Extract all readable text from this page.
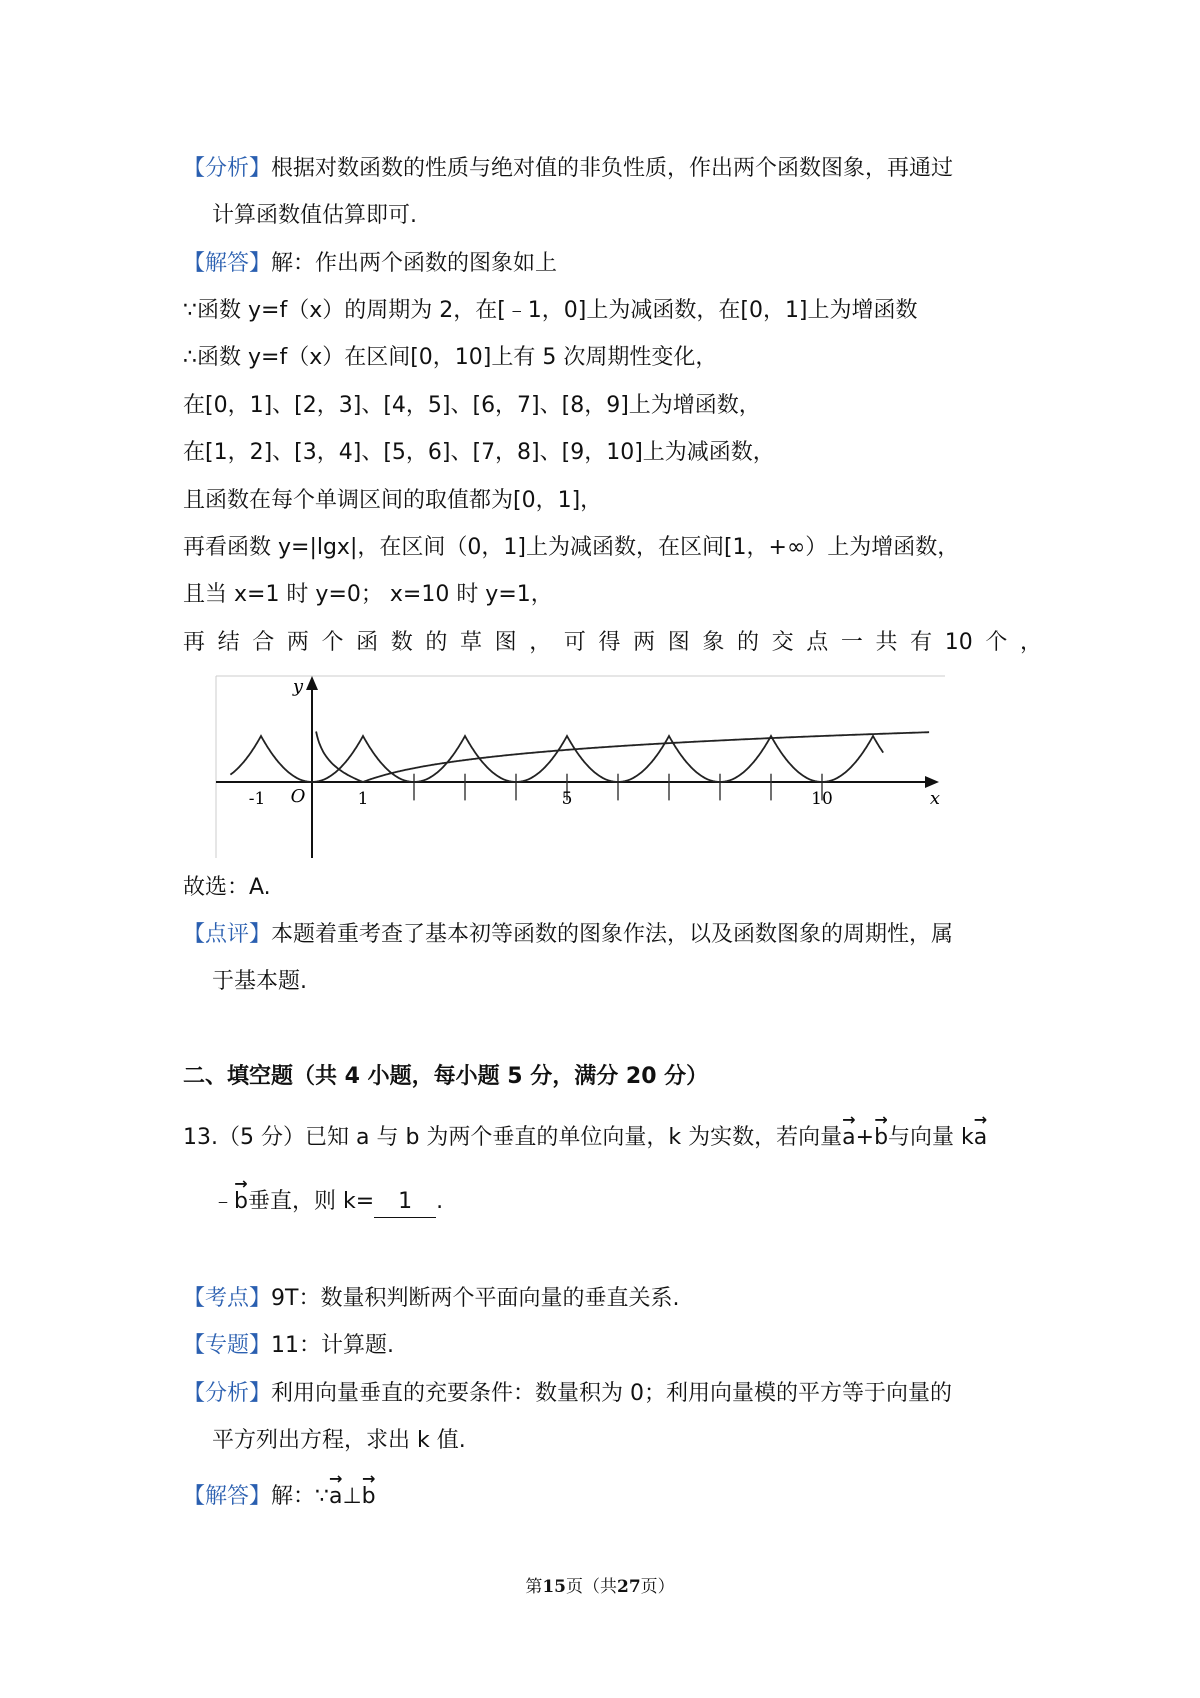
【分析】根据对数函数的性质与绝对值的非负性质，作出两个函数图象，再通过
计算函数值估算即可.
【解答】解：作出两个函数的图象如上
∵函数 y=f（x）的周期为 2，在[﹣1，0]上为减函数，在[0，1]上为增函数
∴函数 y=f（x）在区间[0，10]上有 5 次周期性变化，
在[0，1]、[2，3]、[4，5]、[6，7]、[8，9]上为增函数，
在[1，2]、[3，4]、[5，6]、[7，8]、[9，10]上为减函数，
且函数在每个单调区间的取值都为[0，1]，
再看函数 y=|lgx|，在区间（0，1]上为减函数，在区间[1，+∞）上为增函数，
且当 x=1 时 y=0； x=10 时 y=1，
再 结 合 两 个 函 数 的 草 图 ， 可 得 两 图 象 的 交 点 一 共 有 10 个 ，
-1	1	5	10
O	x
y
故选：A.
【点评】本题着重考查了基本初等函数的图象作法，以及函数图象的周期性，属
于基本题.
二、填空题（共 4 小题，每小题 5 分，满分 20 分）
13.（5 分）已知 a 与 b 为两个垂直的单位向量，k 为实数，若向量→ a+→ b与向量 k→ a
﹣→ b垂直，则 k= 1 .
【考点】9T：数量积判断两个平面向量的垂直关系.
【专题】11：计算题.
【分析】利用向量垂直的充要条件：数量积为 0；利用向量模的平方等于向量的
平方列出方程，求出 k 值.
【解答】解：∵→ a⊥→ b
第15页（共27页）
